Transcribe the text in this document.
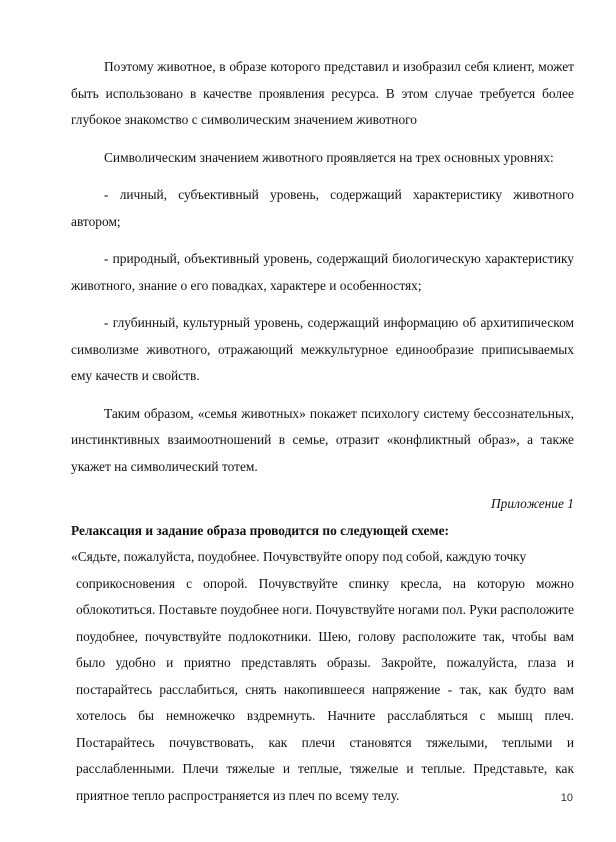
Поэтому животное, в образе которого представил и изобразил себя клиент, может быть использовано в качестве проявления ресурса. В этом случае требуется более глубокое знакомство с символическим значением животного

Символическим значением животного проявляется на трех основных уровнях:

- личный, субъективный уровень, содержащий характеристику животного автором;

- природный, объективный уровень, содержащий биологическую характеристику животного, знание о его повадках, характере и особенностях;

- глубинный, культурный уровень, содержащий информацию об архитипическом символизме животного, отражающий межкультурное единообразие приписываемых ему качеств и свойств.

Таким образом, «семья животных» покажет психологу систему бессознательных, инстинктивных взаимоотношений в семье, отразит «конфликтный образ», а также укажет на символический тотем.

Приложение 1

Релаксация и задание образа проводится по следующей схеме:

«Сядьте, пожалуйста, поудобнее. Почувствуйте опору под собой, каждую точку

соприкосновения с опорой. Почувствуйте спинку кресла, на которую можно облокотиться. Поставьте поудобнее ноги. Почувствуйте ногами пол. Руки расположите поудобнее, почувствуйте подлокотники. Шею, голову расположите так, чтобы вам было удобно и приятно представлять образы. Закройте, пожалуйста, глаза и постарайтесь расслабиться, снять накопившееся напряжение - так, как будто вам хотелось бы немножечко вздремнуть. Начните расслабляться с мышц плеч. Постарайтесь почувствовать, как плечи становятся тяжелыми, теплыми и расслабленными. Плечи тяжелые и теплые, тяжелые и теплые. Представьте, как приятное тепло распространяется из плеч по всему телу.	10
